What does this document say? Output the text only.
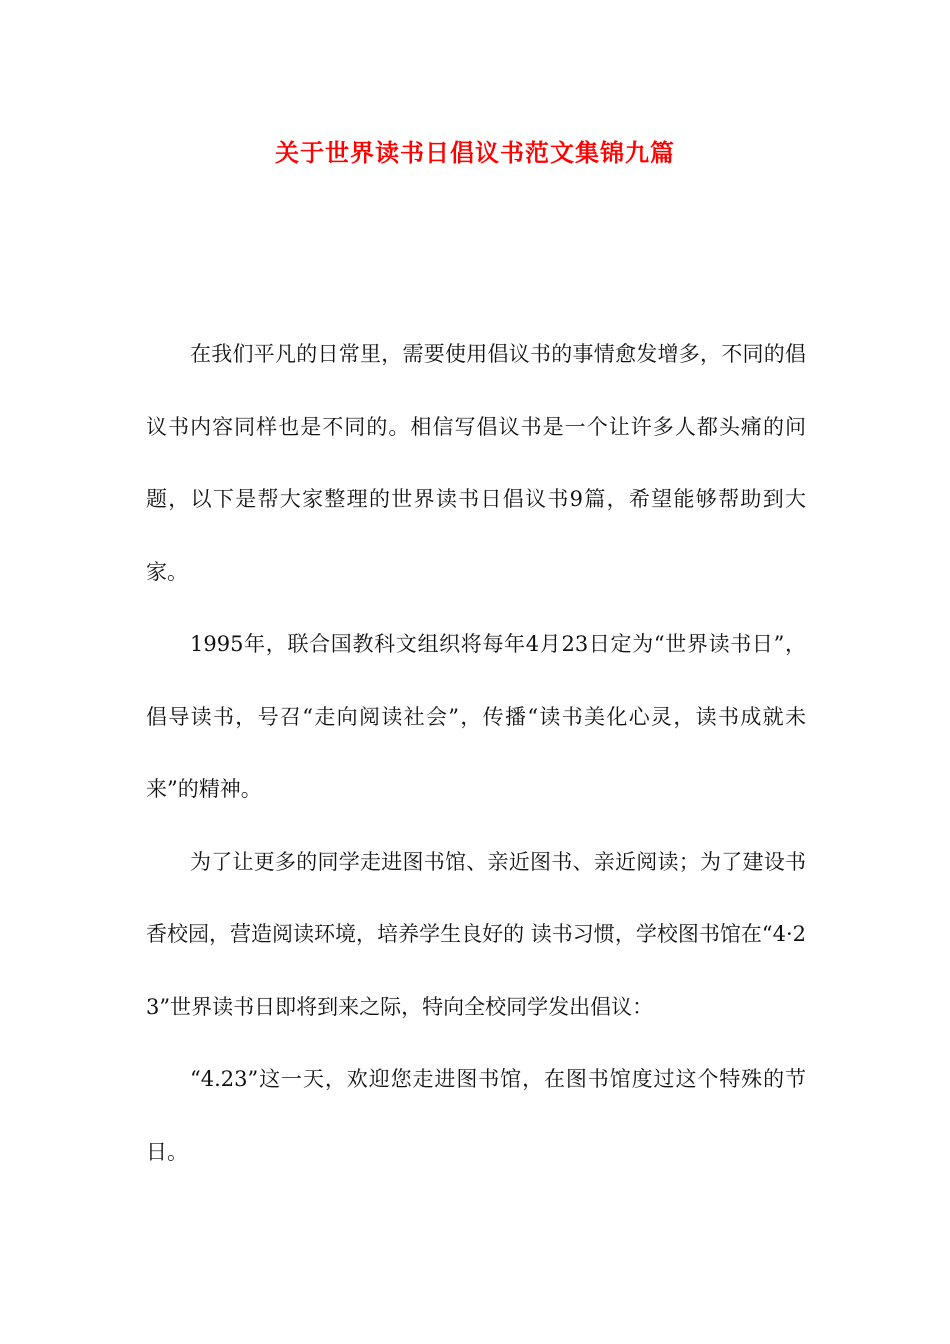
关于世界读书日倡议书范文集锦九篇

在我们平凡的日常里，需要使用倡议书的事情愈发增多，不同的倡议书内容同样也是不同的。相信写倡议书是一个让许多人都头痛的问题，以下是帮大家整理的世界读书日倡议书9篇，希望能够帮助到大家。

1995年，联合国教科文组织将每年4月23日定为“世界读书日”，倡导读书，号召“走向阅读社会”，传播“读书美化心灵，读书成就未来”的精神。

为了让更多的同学走进图书馆、亲近图书、亲近阅读；为了建设书香校园，营造阅读环境，培养学生良好的 读书习惯，学校图书馆在“4·23”世界读书日即将到来之际，特向全校同学发出倡议：

“4.23”这一天，欢迎您走进图书馆，在图书馆度过这个特殊的节日。
